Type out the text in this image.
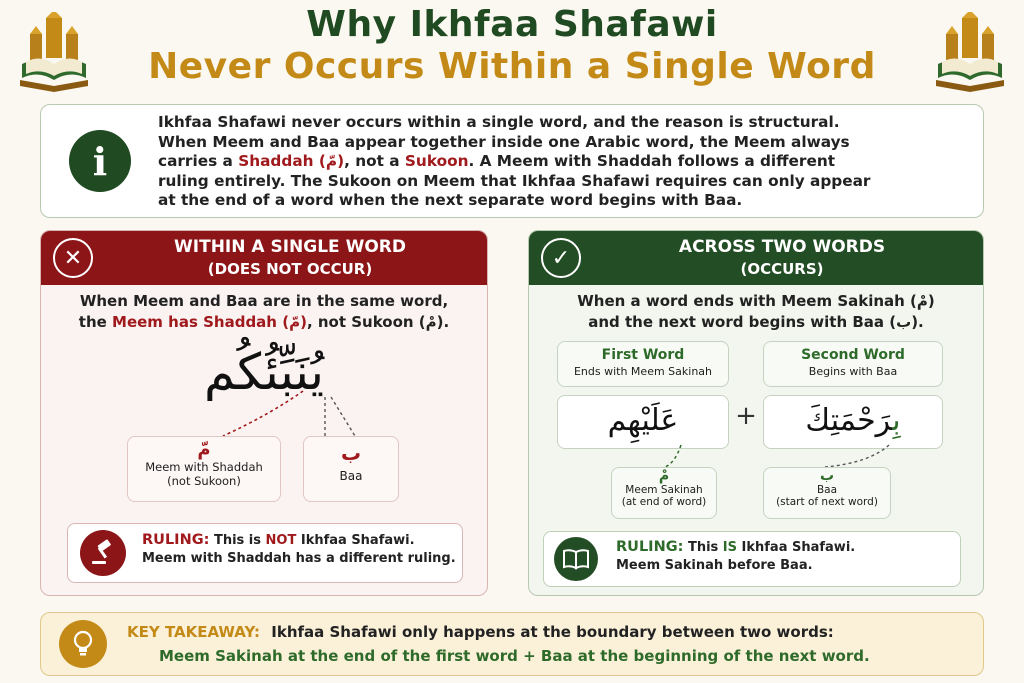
Why Ikhfaa Shafawi
Never Occurs Within a Single Word
i
Ikhfaa Shafawi never occurs within a single word, and the reason is structural.
When Meem and Baa appear together inside one Arabic word, the Meem always
carries a Shaddah (مّ), not a Sukoon. A Meem with Shaddah follows a different
ruling entirely. The Sukoon on Meem that Ikhfaa Shafawi requires can only appear
at the end of a word when the next separate word begins with Baa.
✕	WITHIN A SINGLE WORD
(DOES NOT OCCUR)
When Meem and Baa are in the same word,
the Meem has Shaddah (مّ), not Sukoon (مْ).
يُنَبِّئُكُم
مّ
Meem with Shaddah
(not Sukoon)
ب
Baa
RULING: This is NOT Ikhfaa Shafawi.
Meem with Shaddah has a different ruling.
✓	ACROSS TWO WORDS
(OCCURS)
When a word ends with Meem Sakinah (مْ)
and the next word begins with Baa (ب).
First Word
Ends with Meem Sakinah
Second Word
Begins with Baa
عَلَيْهِم	+	بِرَحْمَتِكَ
مْ
Meem Sakinah
(at end of word)
ب
Baa
(start of next word)
RULING: This IS Ikhfaa Shafawi.
Meem Sakinah before Baa.
KEY TAKEAWAY: Ikhfaa Shafawi only happens at the boundary between two words:
Meem Sakinah at the end of the first word + Baa at the beginning of the next word.
